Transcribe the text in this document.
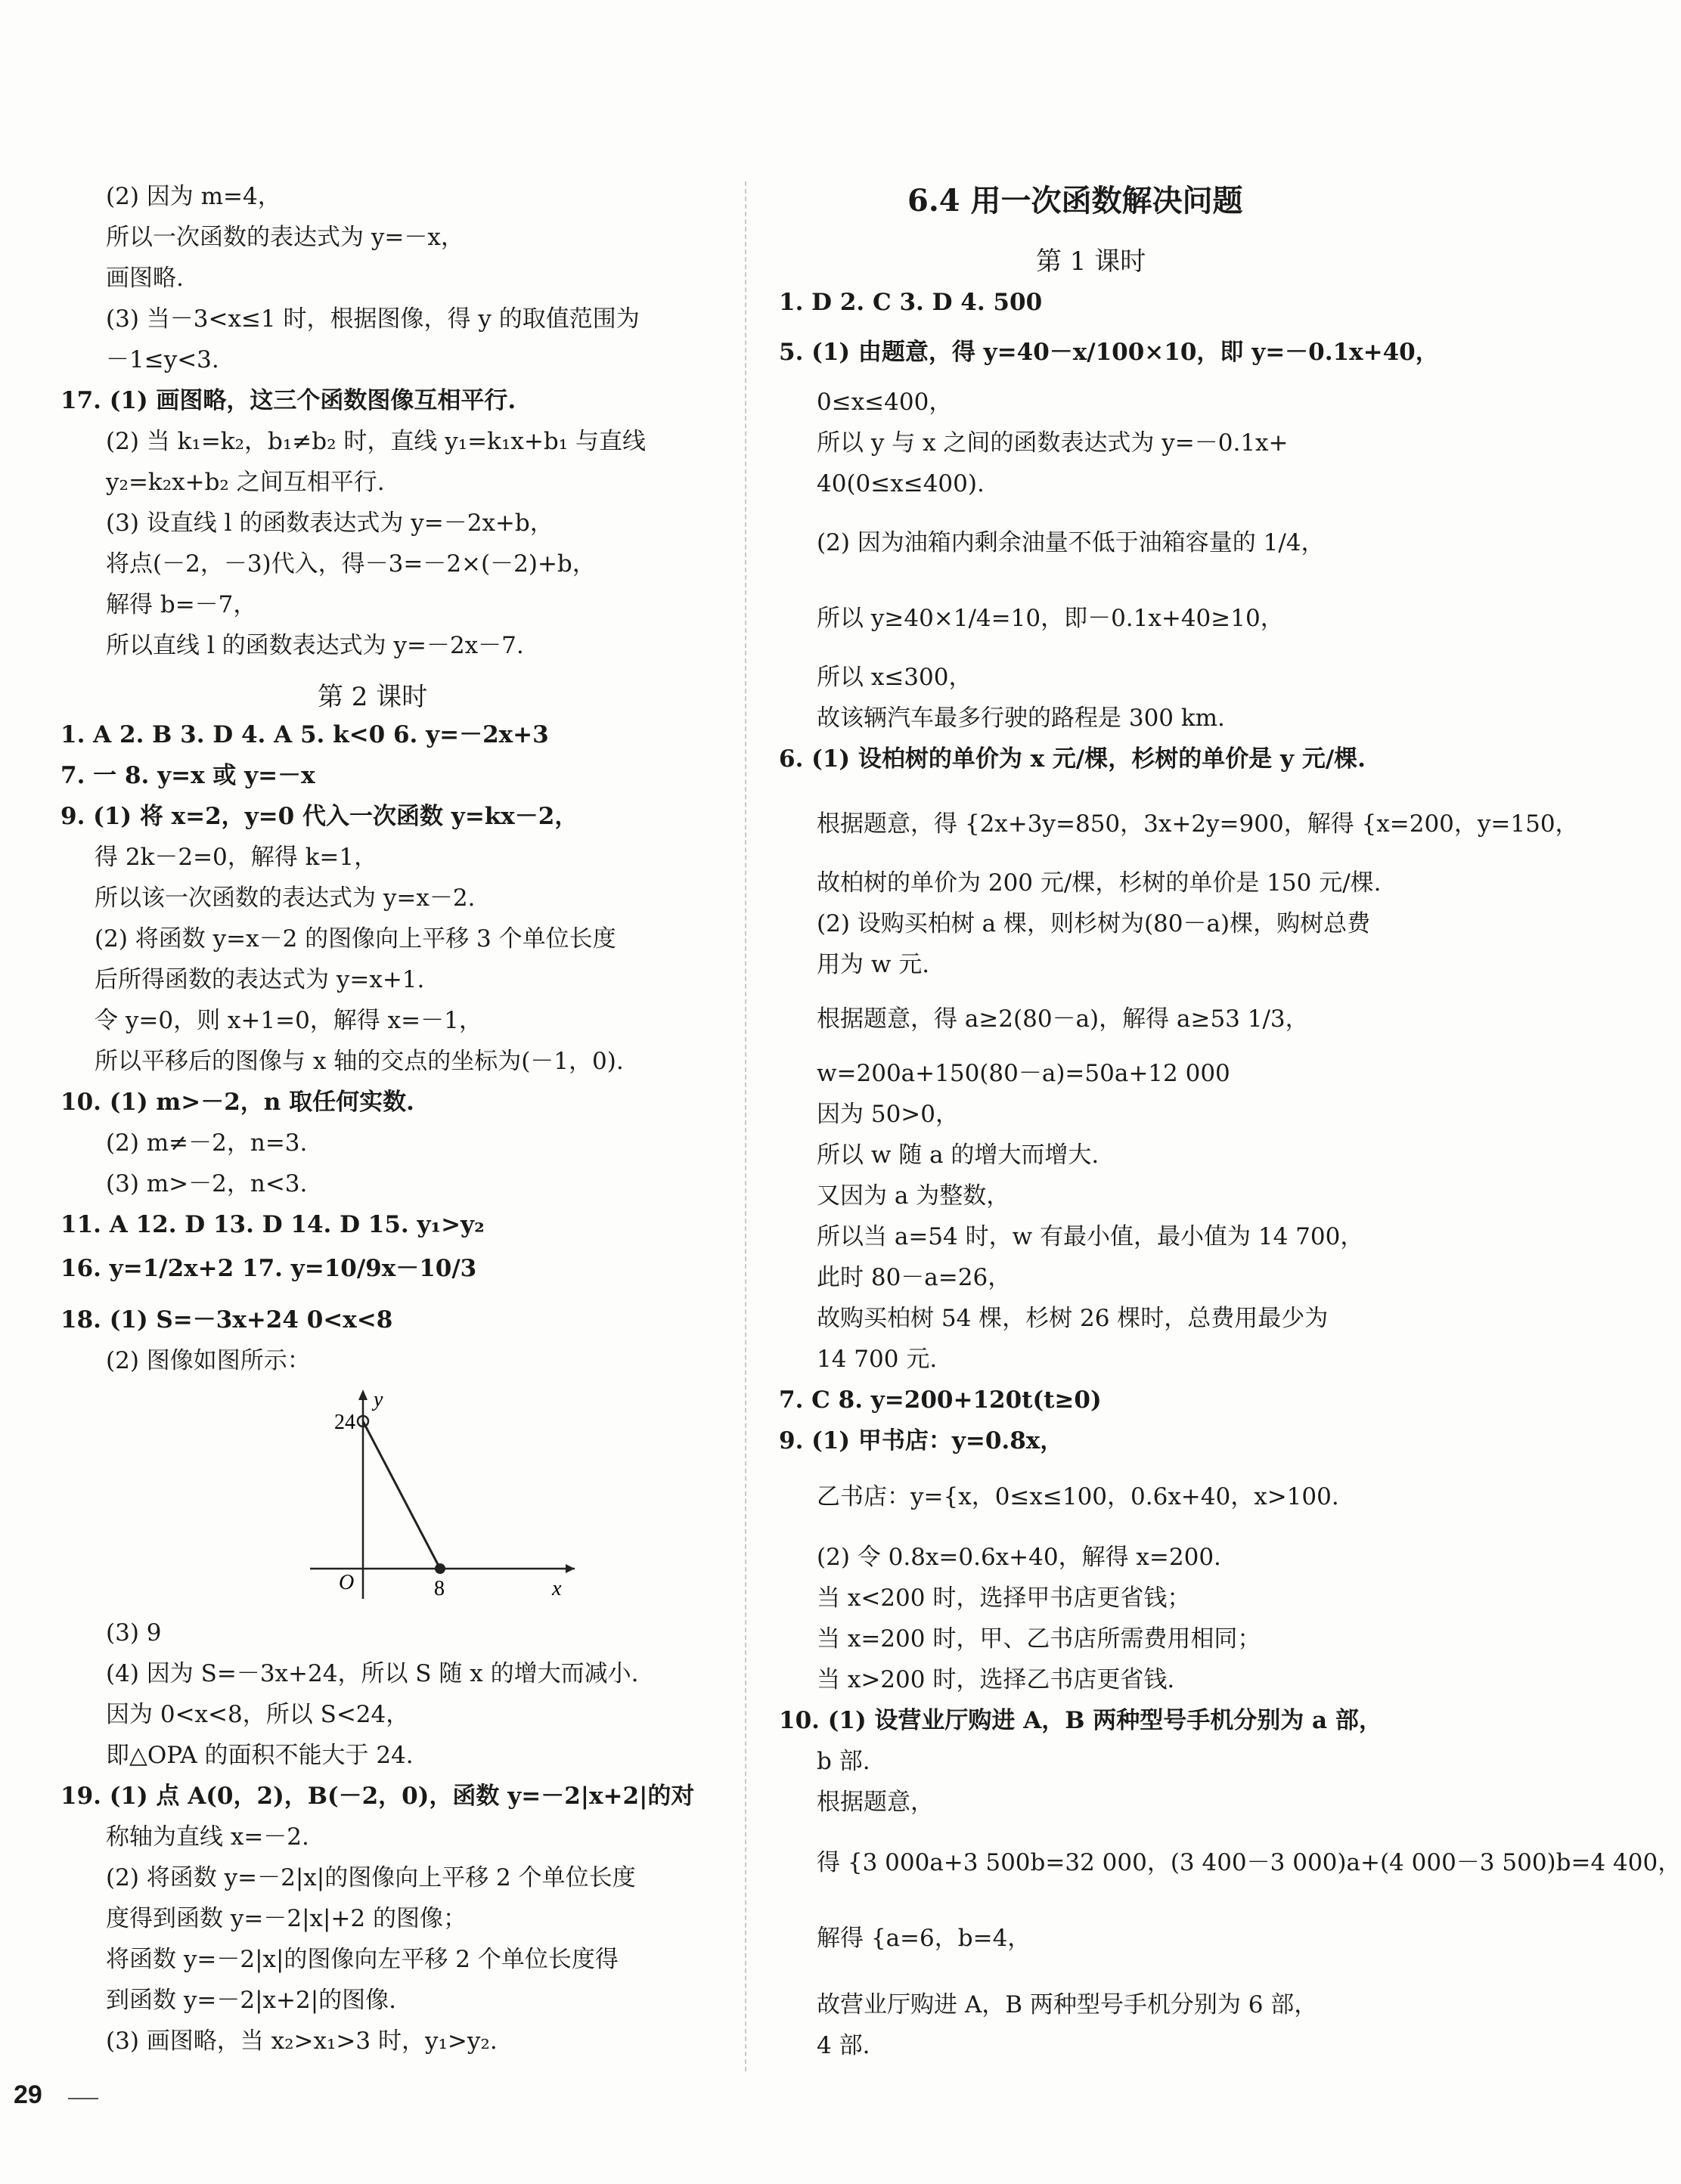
(2) 因为 m=4，
所以一次函数的表达式为 y=－x，
画图略.
(3) 当－3<x≤1 时，根据图像，得 y 的取值范围为
－1≤y<3.
17. (1) 画图略，这三个函数图像互相平行.
(2) 当 k₁=k₂，b₁≠b₂ 时，直线 y₁=k₁x+b₁ 与直线
y₂=k₂x+b₂ 之间互相平行.
(3) 设直线 l 的函数表达式为 y=－2x+b，
将点(－2，－3)代入，得－3=－2×(－2)+b，
解得 b=－7，
所以直线 l 的函数表达式为 y=－2x－7.
第 2 课时
1. A 2. B 3. D 4. A 5. k<0 6. y=－2x+3
7. 一 8. y=x 或 y=－x
9. (1) 将 x=2，y=0 代入一次函数 y=kx－2，
得 2k－2=0，解得 k=1，
所以该一次函数的表达式为 y=x－2.
(2) 将函数 y=x－2 的图像向上平移 3 个单位长度
后所得函数的表达式为 y=x+1.
令 y=0，则 x+1=0，解得 x=－1，
所以平移后的图像与 x 轴的交点的坐标为(－1，0).
10. (1) m>－2，n 取任何实数.
(2) m≠－2，n=3.
(3) m>－2，n<3.
11. A 12. D 13. D 14. D 15. y₁>y₂
16. y=1/2x+2 17. y=10/9x－10/3
18. (1) S=－3x+24 0<x<8
(2) 图像如图所示：
y
x
O
24
8
(3) 9
(4) 因为 S=－3x+24，所以 S 随 x 的增大而减小.
因为 0<x<8，所以 S<24，
即△OPA 的面积不能大于 24.
19. (1) 点 A(0，2)，B(－2，0)，函数 y=－2|x+2|的对
称轴为直线 x=－2.
(2) 将函数 y=－2|x|的图像向上平移 2 个单位长度
度得到函数 y=－2|x|+2 的图像；
将函数 y=－2|x|的图像向左平移 2 个单位长度得
到函数 y=－2|x+2|的图像.
(3) 画图略，当 x₂>x₁>3 时，y₁>y₂.
6.4 用一次函数解决问题
第 1 课时
1. D 2. C 3. D 4. 500
5. (1) 由题意，得 y=40－x/100×10，即 y=－0.1x+40，
0≤x≤400，
所以 y 与 x 之间的函数表达式为 y=－0.1x+
40(0≤x≤400).
(2) 因为油箱内剩余油量不低于油箱容量的 1/4，
所以 y≥40×1/4=10，即－0.1x+40≥10，
所以 x≤300，
故该辆汽车最多行驶的路程是 300 km.
6. (1) 设柏树的单价为 x 元/棵，杉树的单价是 y 元/棵.
根据题意，得 {2x+3y=850，3x+2y=900，解得 {x=200，y=150，
故柏树的单价为 200 元/棵，杉树的单价是 150 元/棵.
(2) 设购买柏树 a 棵，则杉树为(80－a)棵，购树总费
用为 w 元.
根据题意，得 a≥2(80－a)，解得 a≥53 1/3，
w=200a+150(80－a)=50a+12 000
因为 50>0，
所以 w 随 a 的增大而增大.
又因为 a 为整数，
所以当 a=54 时，w 有最小值，最小值为 14 700，
此时 80－a=26，
故购买柏树 54 棵，杉树 26 棵时，总费用最少为
14 700 元.
7. C 8. y=200+120t(t≥0)
9. (1) 甲书店：y=0.8x，
乙书店：y={x，0≤x≤100，0.6x+40，x>100.
(2) 令 0.8x=0.6x+40，解得 x=200.
当 x<200 时，选择甲书店更省钱；
当 x=200 时，甲、乙书店所需费用相同；
当 x>200 时，选择乙书店更省钱.
10. (1) 设营业厅购进 A，B 两种型号手机分别为 a 部，
b 部.
根据题意，
得 {3 000a+3 500b=32 000，(3 400－3 000)a+(4 000－3 500)b=4 400，
解得 {a=6，b=4，
故营业厅购进 A，B 两种型号手机分别为 6 部，
4 部.
29
